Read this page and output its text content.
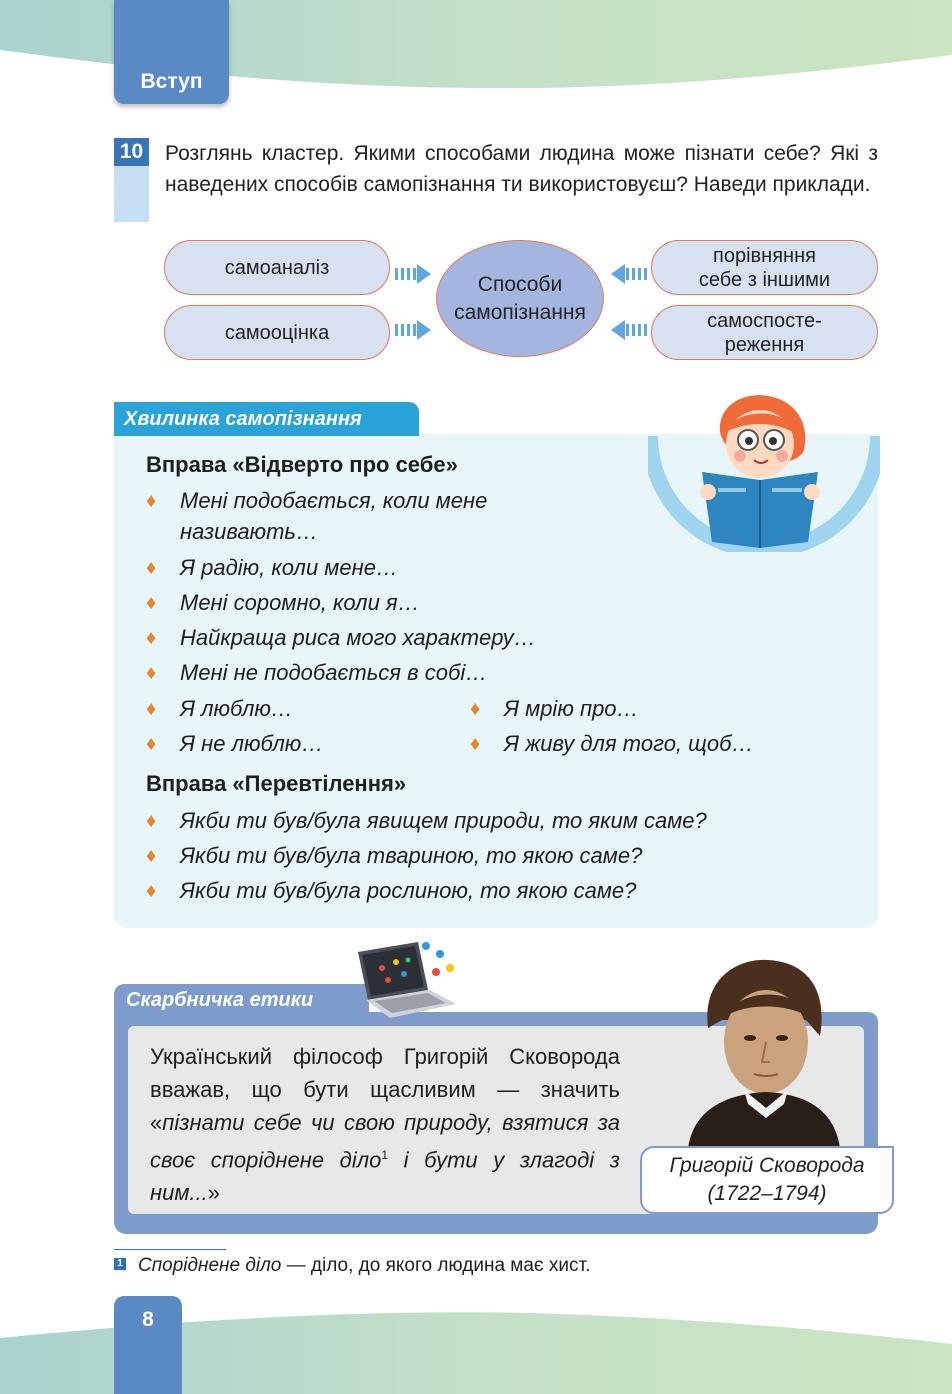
Вступ
10 Розглянь кластер. Якими способами людина може пізнати себе? Які з наведених способів самопізнання ти використовуєш? Наведи приклади.
самоаналіз
самооцінка
порівняння
себе з іншими
самоспосте-
реження
Способи
самопізнання
Хвилинка самопізнання
Вправа «Відверто про себе»
♦ Мені подобається, коли мене
називають…
♦ Я радію, коли мене…
♦ Мені соромно, коли я…
♦ Найкраща риса мого характеру…
♦ Мені не подобається в собі…
♦ Я люблю…	♦ Я мрію про…
♦ Я не люблю…	♦ Я живу для того, щоб…
Вправа «Перевтілення»
♦ Якби ти був/була явищем природи, то яким саме?
♦ Якби ти був/була твариною, то якою саме?
♦ Якби ти був/була рослиною, то якою саме?
Скарбничка етики
Український філософ Григорій Сковорода вважав, що бути щасливим — значить «пізнати себе чи свою природу, взятися за своє споріднене діло$^1$ і бути у злагоді з ним...»
Григорій Сковорода
(1722–1794)
1 Споріднене діло — діло, до якого людина має хист.
8
